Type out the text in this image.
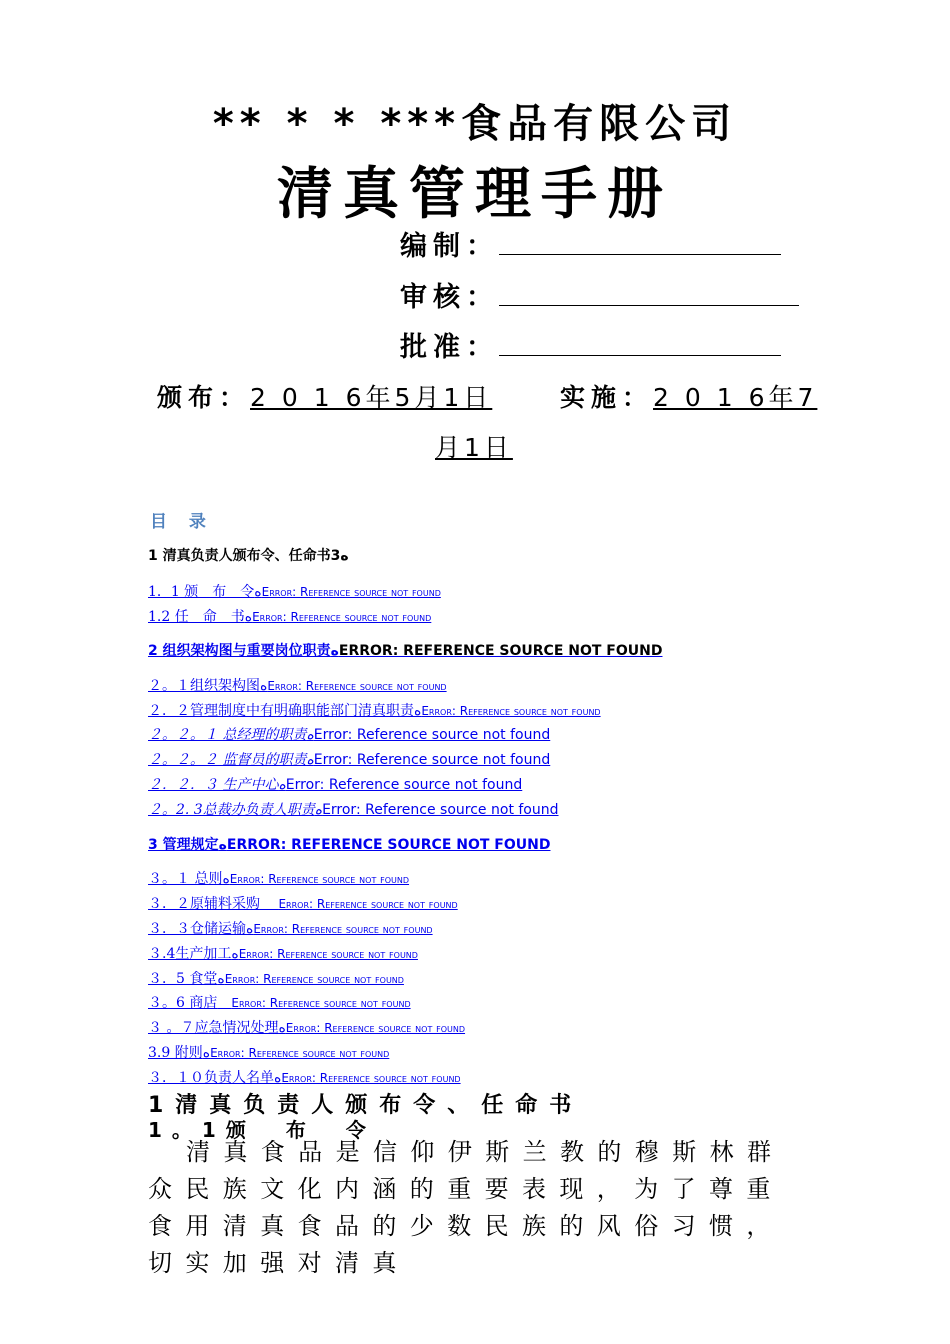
** * * ***食品有限公司
清真管理手册
编制：
审核：
批准：
颁布：2 0 1 6年5月1日	实施：2 0 1 6年7
月1日
目 录
1 清真负责人颁布令、任命书3ﻩ
1．1 颁　布　令ﻩError: Reference source not found
1.2 任　命　书ﻩError: Reference source not found
2 组织架构图与重要岗位职责ﻩERROR: REFERENCE SOURCE NOT FOUND
２。１组织架构图ﻩError: Reference source not found
２．２管理制度中有明确职能部门清真职责ﻩError: Reference source not found
２。２。１ 总经理的职责ﻩError: Reference source not found
２。２。２ 监督员的职责ﻩError: Reference source not found
２．２．３ 生产中心ﻩError: Reference source not found
２。2. 3总裁办负责人职责ﻩError: Reference source not found
3 管理规定ﻩERROR: REFERENCE SOURCE NOT FOUND
３。１ 总则ﻩError: Reference source not found
３．２原辅料采购　 Error: Reference source not found
３．３仓储运输ﻩError: Reference source not found
３.4生产加工ﻩError: Reference source not found
３．5 食堂ﻩError: Reference source not found
３。6 商店　 Error: Reference source not found
３ 。７应急情况处理ﻩError: Reference source not found
3.9 附则ﻩError: Reference source not found
３．１０负责人名单ﻩError: Reference source not found
1清真负责人颁布令、任命书
1。1颁　布　令
清真食品是信仰伊斯兰教的穆斯林群众民族文化内涵的重要表现，为了尊重食用清真食品的少数民族的风俗习惯，切实加强对清真
